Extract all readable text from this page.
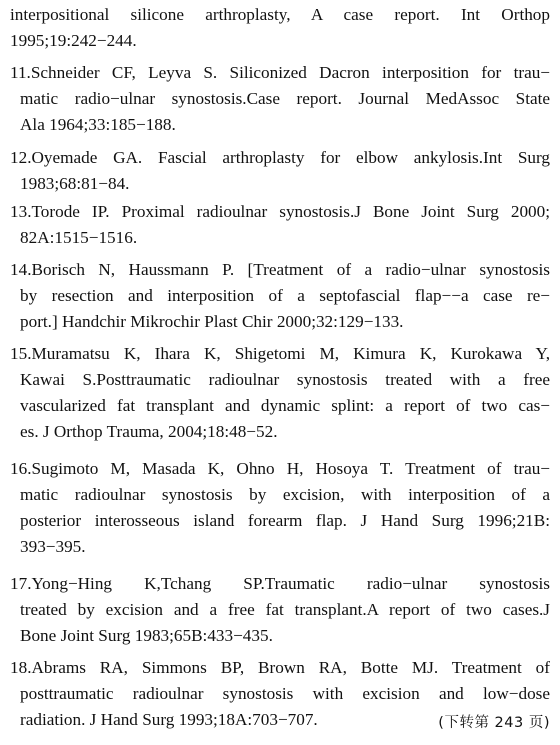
interpositional silicone arthroplasty, A case report. Int Orthop
1995;19:242−244.
11.Schneider CF, Leyva S. Siliconized Dacron interposition for trau−
matic radio−ulnar synostosis.Case report. Journal MedAssoc State
Ala 1964;33:185−188.
12.Oyemade GA. Fascial arthroplasty for elbow ankylosis.Int Surg
1983;68:81−84.
13.Torode IP. Proximal radioulnar synostosis.J Bone Joint Surg 2000;
82A:1515−1516.
14.Borisch N, Haussmann P. [Treatment of a radio−ulnar synostosis
by resection and interposition of a septofascial flap−−a case re−
port.] Handchir Mikrochir Plast Chir 2000;32:129−133.
15.Muramatsu K, Ihara K, Shigetomi M, Kimura K, Kurokawa Y,
Kawai S.Posttraumatic radioulnar synostosis treated with a free
vascularized fat transplant and dynamic splint: a report of two cas−
es. J Orthop Trauma, 2004;18:48−52.
16.Sugimoto M, Masada K, Ohno H, Hosoya T. Treatment of trau−
matic radioulnar synostosis by excision, with interposition of a
posterior interosseous island forearm flap. J Hand Surg 1996;21B:
393−395.
17.Yong−Hing K,Tchang SP.Traumatic radio−ulnar synostosis
treated by excision and a free fat transplant.A report of two cases.J
Bone Joint Surg 1983;65B:433−435.
18.Abrams RA, Simmons BP, Brown RA, Botte MJ. Treatment of
posttraumatic radioulnar synostosis with excision and low−dose
radiation. J Hand Surg 1993;18A:703−707.	(下转第 243 页)
